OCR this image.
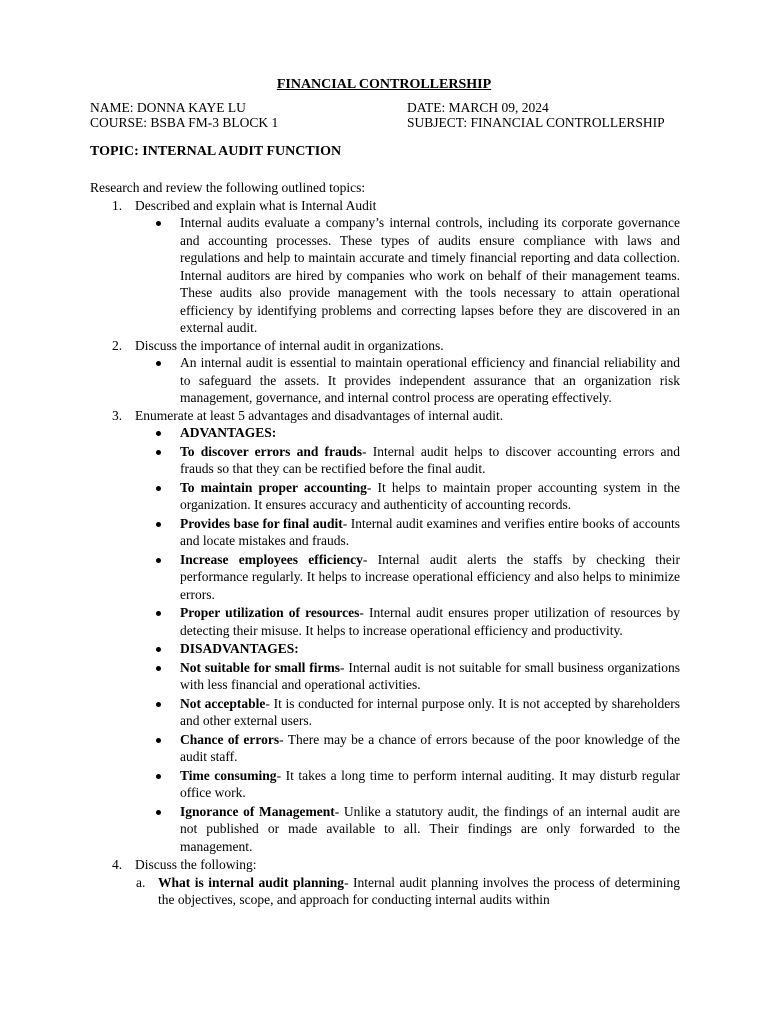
FINANCIAL CONTROLLERSHIP
NAME: DONNA KAYE LU	DATE: MARCH 09, 2024
COURSE: BSBA FM-3 BLOCK 1	SUBJECT: FINANCIAL CONTROLLERSHIP
TOPIC: INTERNAL AUDIT FUNCTION

Research and review the following outlined topics:

1. Described and explain what is Internal Audit
Internal audits evaluate a company’s internal controls, including its corporate governance and accounting processes. These types of audits ensure compliance with laws and regulations and help to maintain accurate and timely financial reporting and data collection. Internal auditors are hired by companies who work on behalf of their management teams. These audits also provide management with the tools necessary to attain operational efficiency by identifying problems and correcting lapses before they are discovered in an external audit.
2. Discuss the importance of internal audit in organizations.
An internal audit is essential to maintain operational efficiency and financial reliability and to safeguard the assets. It provides independent assurance that an organization risk management, governance, and internal control process are operating effectively.
3. Enumerate at least 5 advantages and disadvantages of internal audit.
ADVANTAGES:
To discover errors and frauds- Internal audit helps to discover accounting errors and frauds so that they can be rectified before the final audit.
To maintain proper accounting- It helps to maintain proper accounting system in the organization. It ensures accuracy and authenticity of accounting records.
Provides base for final audit- Internal audit examines and verifies entire books of accounts and locate mistakes and frauds.
Increase employees efficiency- Internal audit alerts the staffs by checking their performance regularly. It helps to increase operational efficiency and also helps to minimize errors.
Proper utilization of resources- Internal audit ensures proper utilization of resources by detecting their misuse. It helps to increase operational efficiency and productivity.
DISADVANTAGES:
Not suitable for small firms- Internal audit is not suitable for small business organizations with less financial and operational activities.
Not acceptable- It is conducted for internal purpose only. It is not accepted by shareholders and other external users.
Chance of errors- There may be a chance of errors because of the poor knowledge of the audit staff.
Time consuming- It takes a long time to perform internal auditing. It may disturb regular office work.
Ignorance of Management- Unlike a statutory audit, the findings of an internal audit are not published or made available to all. Their findings are only forwarded to the management.
4. Discuss the following:
a. What is internal audit planning- Internal audit planning involves the process of determining the objectives, scope, and approach for conducting internal audits within
